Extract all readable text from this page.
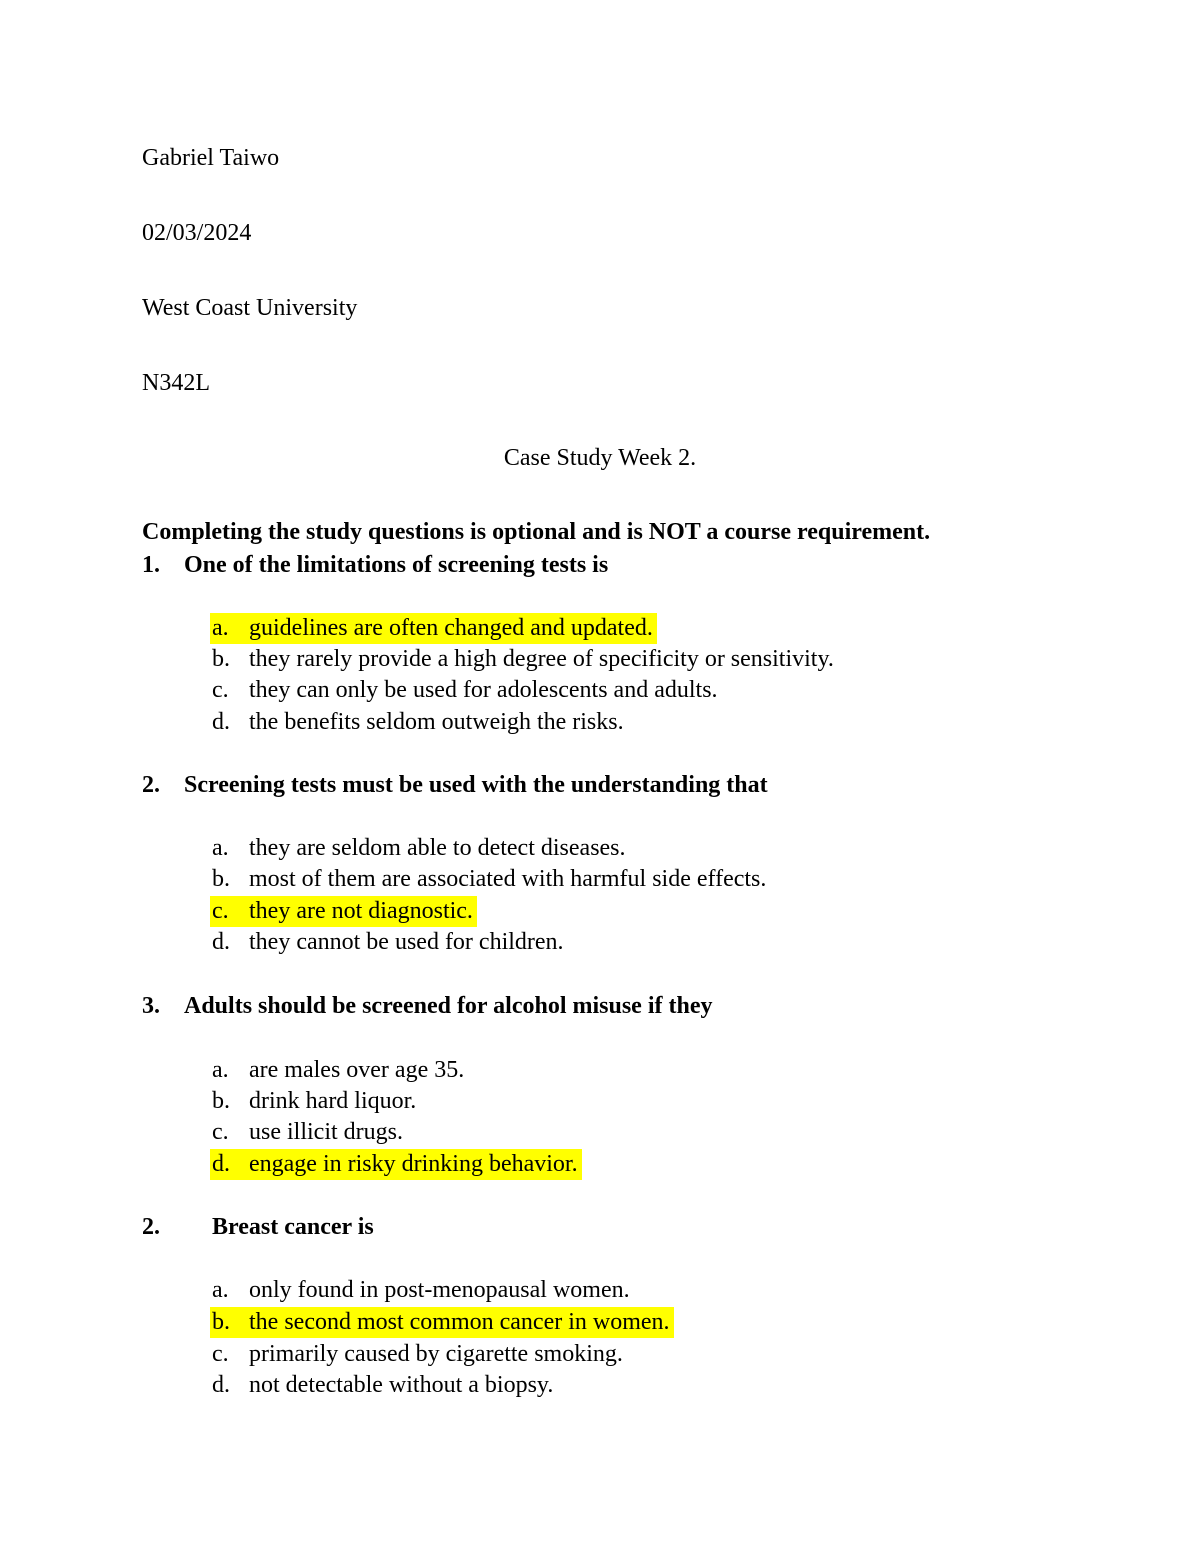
Gabriel Taiwo
02/03/2024
West Coast University
N342L
Case Study Week 2.
Completing the study questions is optional and is NOT a course requirement.
1. One of the limitations of screening tests is
a. guidelines are often changed and updated.
b. they rarely provide a high degree of specificity or sensitivity.
c. they can only be used for adolescents and adults.
d. the benefits seldom outweigh the risks.
2. Screening tests must be used with the understanding that
a. they are seldom able to detect diseases.
b. most of them are associated with harmful side effects.
c. they are not diagnostic.
d. they cannot be used for children.
3. Adults should be screened for alcohol misuse if they
a. are males over age 35.
b. drink hard liquor.
c. use illicit drugs.
d. engage in risky drinking behavior.
2. Breast cancer is
a. only found in post-menopausal women.
b. the second most common cancer in women.
c. primarily caused by cigarette smoking.
d. not detectable without a biopsy.
